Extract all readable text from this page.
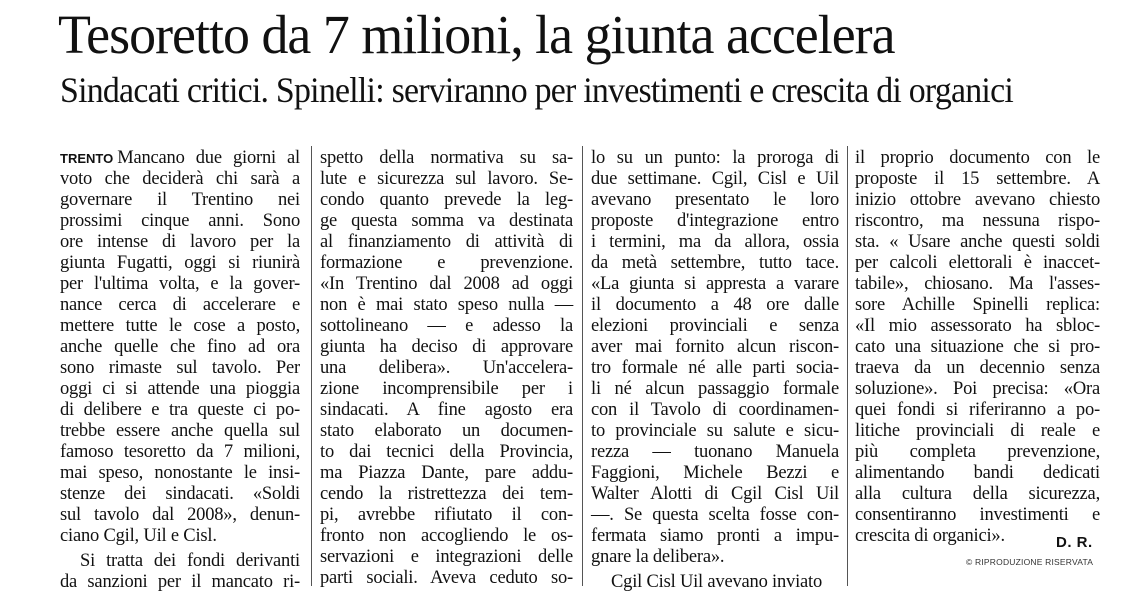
Tesoretto da 7 milioni, la giunta accelera
Sindacati critici. Spinelli: serviranno per investimenti e crescita di organici
TRENTO Mancano due giorni al
voto che deciderà chi sarà a
governare il Trentino nei
prossimi cinque anni. Sono
ore intense di lavoro per la
giunta Fugatti, oggi si riunirà
per l'ultima volta, e la gover-
nance cerca di accelerare e
mettere tutte le cose a posto,
anche quelle che fino ad ora
sono rimaste sul tavolo. Per
oggi ci si attende una pioggia
di delibere e tra queste ci po-
trebbe essere anche quella sul
famoso tesoretto da 7 milioni,
mai speso, nonostante le insi-
stenze dei sindacati. «Soldi
sul tavolo dal 2008», denun-
ciano Cgil, Uil e Cisl.
Si tratta dei fondi derivanti
da sanzioni per il mancato ri-
spetto della normativa su sa-
lute e sicurezza sul lavoro. Se-
condo quanto prevede la leg-
ge questa somma va destinata
al finanziamento di attività di
formazione e prevenzione.
«In Trentino dal 2008 ad oggi
non è mai stato speso nulla —
sottolineano — e adesso la
giunta ha deciso di approvare
una delibera». Un'accelera-
zione incomprensibile per i
sindacati. A fine agosto era
stato elaborato un documen-
to dai tecnici della Provincia,
ma Piazza Dante, pare addu-
cendo la ristrettezza dei tem-
pi, avrebbe rifiutato il con-
fronto non accogliendo le os-
servazioni e integrazioni delle
parti sociali. Aveva ceduto so-
lo su un punto: la proroga di
due settimane. Cgil, Cisl e Uil
avevano presentato le loro
proposte d'integrazione entro
i termini, ma da allora, ossia
da metà settembre, tutto tace.
«La giunta si appresta a varare
il documento a 48 ore dalle
elezioni provinciali e senza
aver mai fornito alcun riscon-
tro formale né alle parti socia-
li né alcun passaggio formale
con il Tavolo di coordinamen-
to provinciale su salute e sicu-
rezza — tuonano Manuela
Faggioni, Michele Bezzi e
Walter Alotti di Cgil Cisl Uil
—. Se questa scelta fosse con-
fermata siamo pronti a impu-
gnare la delibera».
Cgil Cisl Uil avevano inviato
il proprio documento con le
proposte il 15 settembre. A
inizio ottobre avevano chiesto
riscontro, ma nessuna rispo-
sta. « Usare anche questi soldi
per calcoli elettorali è inaccet-
tabile», chiosano. Ma l'asses-
sore Achille Spinelli replica:
«Il mio assessorato ha sbloc-
cato una situazione che si pro-
traeva da un decennio senza
soluzione». Poi precisa: «Ora
quei fondi si riferiranno a po-
litiche provinciali di reale e
più completa prevenzione,
alimentando bandi dedicati
alla cultura della sicurezza,
consentiranno investimenti e
crescita di organici».	D. R.
© RIPRODUZIONE RISERVATA
